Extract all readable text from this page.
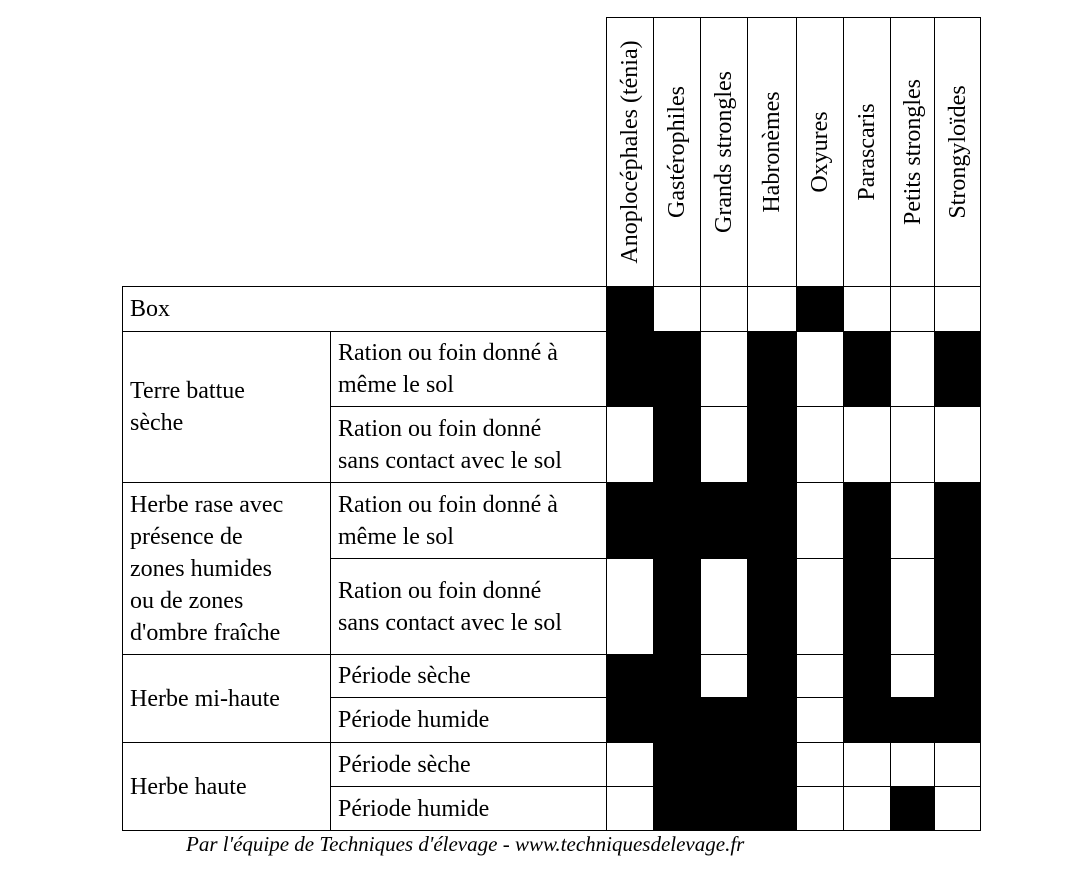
Anoplocéphales (ténia) Gastérophiles Grands strongles Habronèmes Oxyures Parascaris Petits strongles Strongyloïdes
Box
Terre battue
sèche
Ration ou foin donné à
même le sol
Ration ou foin donné
sans contact avec le sol
Herbe rase avec
présence de
zones humides
ou de zones
d'ombre fraîche
Ration ou foin donné à
même le sol
Ration ou foin donné
sans contact avec le sol
Herbe mi-haute
Période sèche
Période humide
Herbe haute
Période sèche
Période humide
Par l'équipe de Techniques d'élevage - www.techniquesdelevage.fr
